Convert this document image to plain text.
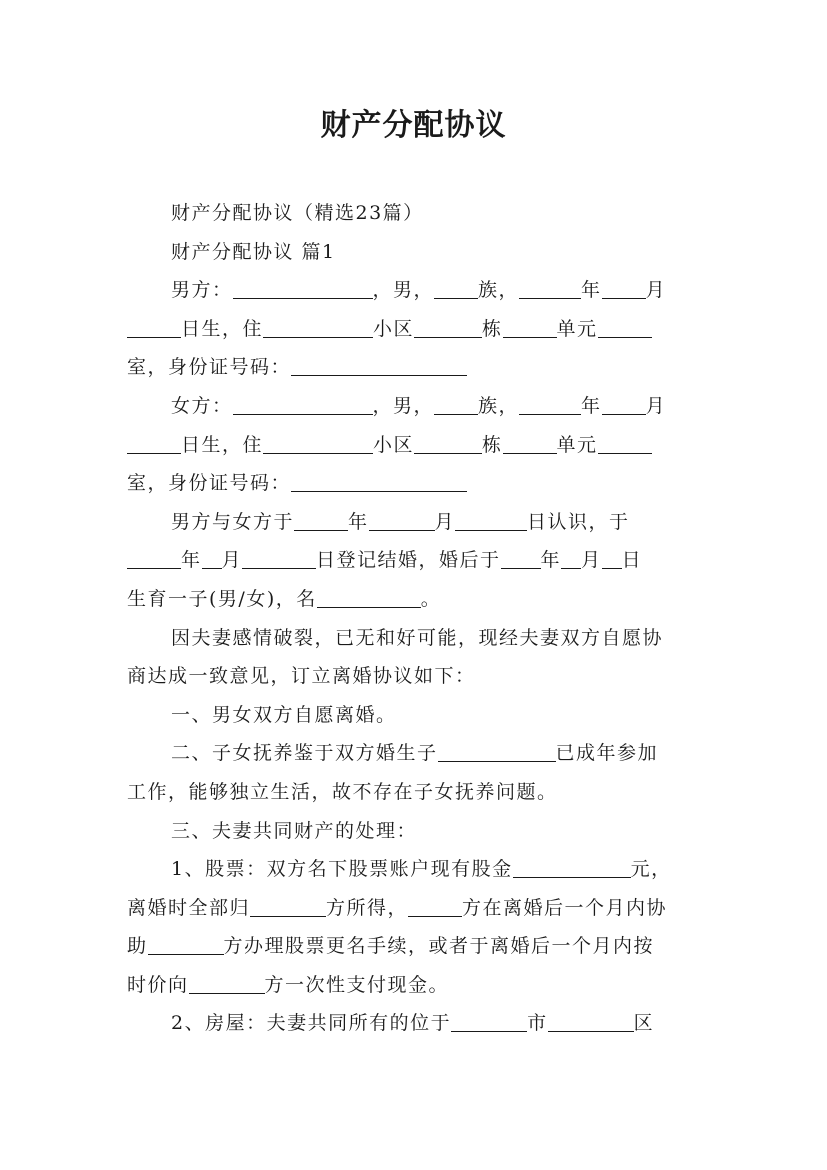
财产分配协议
财产分配协议（精选23篇）
财产分配协议 篇1
男方：	，男， 族，	年 月
日生，住	小区	栋	单元
室，身份证号码：
女方：	，男， 族，	年 月
日生，住	小区	栋	单元
室，身份证号码：
男方与女方于	年	月	日认识，于
年 月	日登记结婚，婚后于 年 月 日
生育一子(男/女)，名	。
因夫妻感情破裂，已无和好可能，现经夫妻双方自愿协
商达成一致意见，订立离婚协议如下：
一、男女双方自愿离婚。
二、子女抚养鉴于双方婚生子	已成年参加
工作，能够独立生活，故不存在子女抚养问题。
三、夫妻共同财产的处理：
1、股票：双方名下股票账户现有股金	元，
离婚时全部归	方所得，	方在离婚后一个月内协
助	方办理股票更名手续，或者于离婚后一个月内按
时价向	方一次性支付现金。
2、房屋：夫妻共同所有的位于	市	区
